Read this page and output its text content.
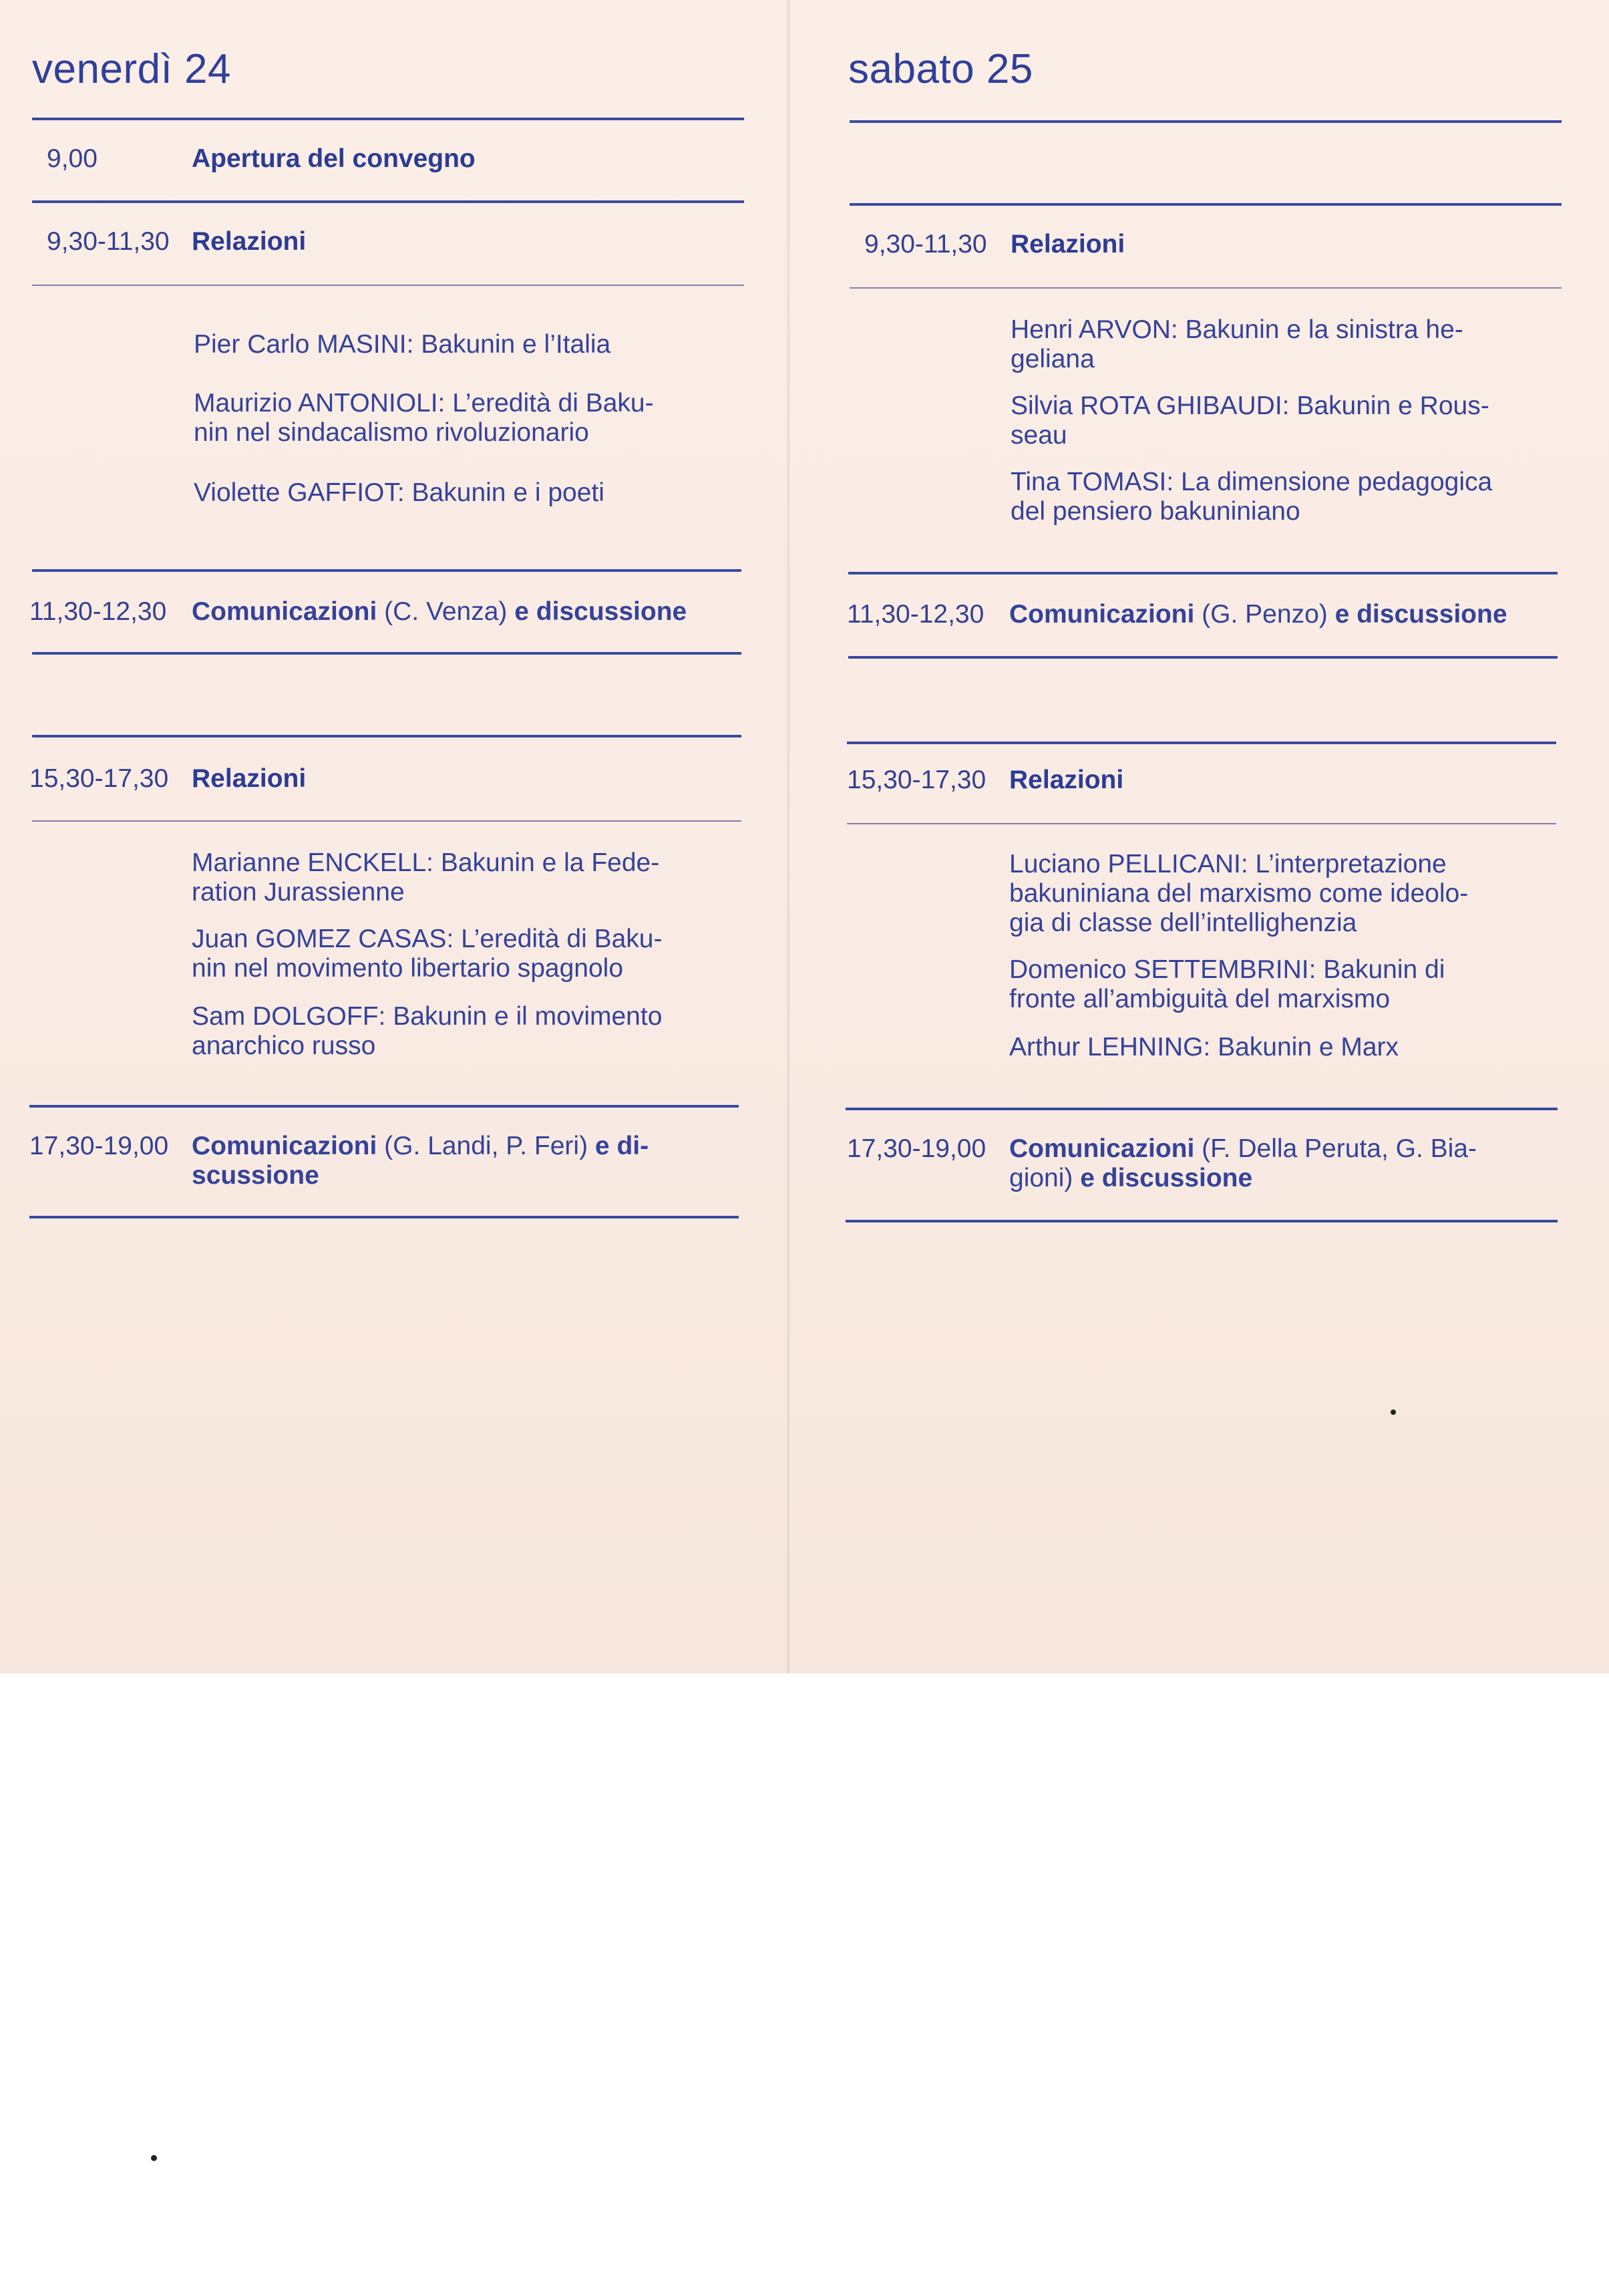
venerdì 24
9,00	Apertura del convegno
9,30-11,30 Relazioni
Pier Carlo MASINI: Bakunin e l’Italia
Maurizio ANTONIOLI: L’eredità di Baku-
nin nel sindacalismo rivoluzionario
Violette GAFFIOT: Bakunin e i poeti
11,30-12,30 Comunicazioni (C. Venza) e discussione
15,30-17,30 Relazioni
Marianne ENCKELL: Bakunin e la Fede-
ration Jurassienne
Juan GOMEZ CASAS: L’eredità di Baku-
nin nel movimento libertario spagnolo
Sam DOLGOFF: Bakunin e il movimento
anarchico russo
17,30-19,00 Comunicazioni (G. Landi, P. Feri) e di-
scussione
sabato 25
9,30-11,30 Relazioni
Henri ARVON: Bakunin e la sinistra he-
geliana
Silvia ROTA GHIBAUDI: Bakunin e Rous-
seau
Tina TOMASI: La dimensione pedagogica
del pensiero bakuniniano
11,30-12,30 Comunicazioni (G. Penzo) e discussione
15,30-17,30 Relazioni
Luciano PELLICANI: L’interpretazione
bakuniniana del marxismo come ideolo-
gia di classe dell’intellighenzia
Domenico SETTEMBRINI: Bakunin di
fronte all’ambiguità del marxismo
Arthur LEHNING: Bakunin e Marx
17,30-19,00 Comunicazioni (F. Della Peruta, G. Bia-
gioni) e discussione
